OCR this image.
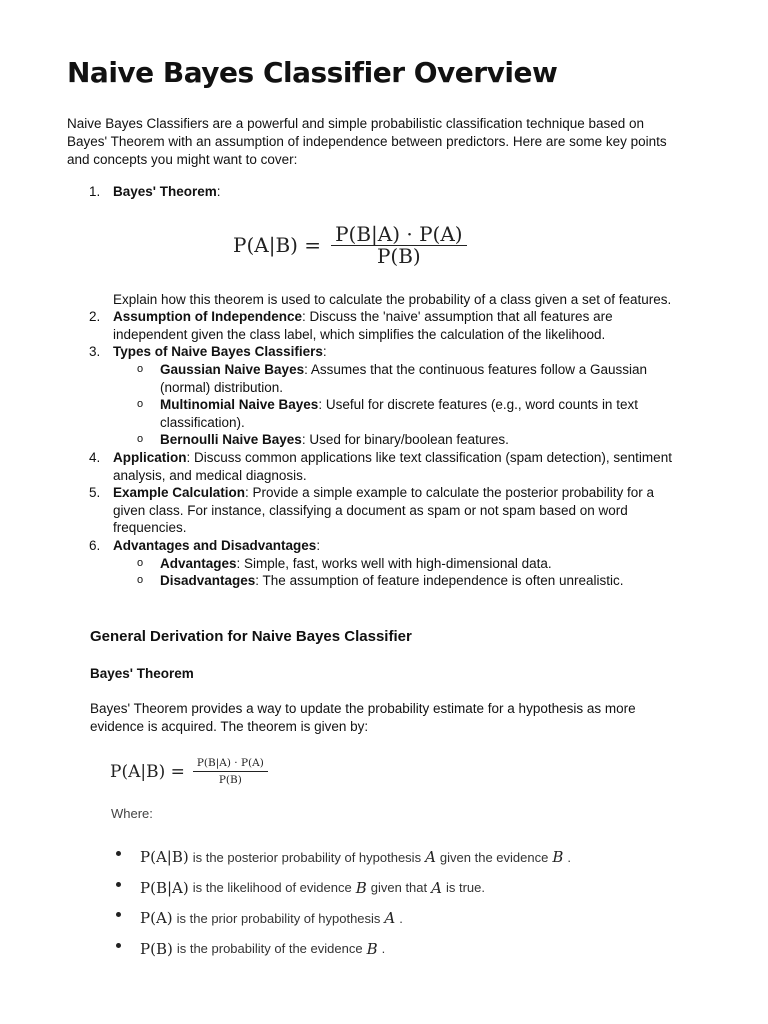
Naive Bayes Classifier Overview

Naive Bayes Classifiers are a powerful and simple probabilistic classification technique based on Bayes' Theorem with an assumption of independence between predictors. Here are some key points and concepts you might want to cover:

1. Bayes' Theorem:
$P(A|B) = \frac{P(B|A) \cdot P(A)}{P(B)}$
Explain how this theorem is used to calculate the probability of a class given a set of features.
2. Assumption of Independence: Discuss the 'naive' assumption that all features are independent given the class label, which simplifies the calculation of the likelihood.
3. Types of Naive Bayes Classifiers:
o Gaussian Naive Bayes: Assumes that the continuous features follow a Gaussian (normal) distribution.
o Multinomial Naive Bayes: Useful for discrete features (e.g., word counts in text classification).
o Bernoulli Naive Bayes: Used for binary/boolean features.
4. Application: Discuss common applications like text classification (spam detection), sentiment analysis, and medical diagnosis.
5. Example Calculation: Provide a simple example to calculate the posterior probability for a given class. For instance, classifying a document as spam or not spam based on word frequencies.
6. Advantages and Disadvantages:
o Advantages: Simple, fast, works well with high-dimensional data.
o Disadvantages: The assumption of feature independence is often unrealistic.
General Derivation for Naive Bayes Classifier
Bayes' Theorem

Bayes' Theorem provides a way to update the probability estimate for a hypothesis as more evidence is acquired. The theorem is given by:

$P(A|B) = \frac{P(B|A) \cdot P(A)}{P(B)}$
Where:
P(A|B) is the posterior probability of hypothesis A given the evidence B .
P(B|A) is the likelihood of evidence B given that A is true.
P(A) is the prior probability of hypothesis A .
P(B) is the probability of the evidence B .
